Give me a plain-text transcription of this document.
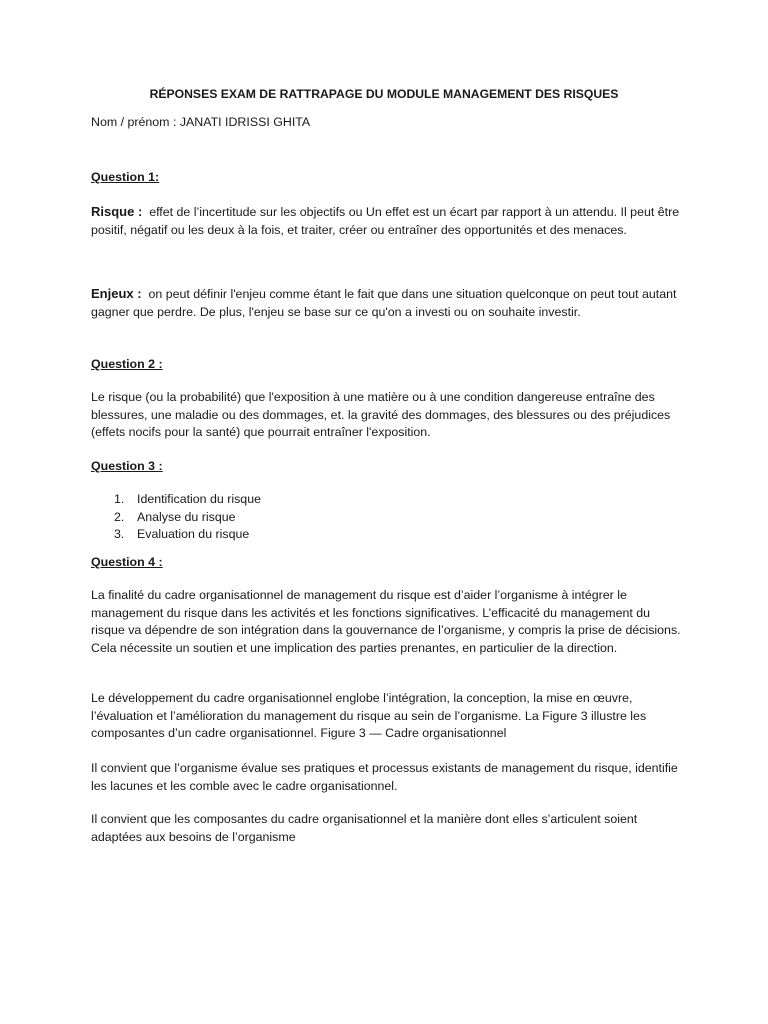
RÉPONSES EXAM DE RATTRAPAGE DU MODULE MANAGEMENT DES RISQUES

Nom / prénom : JANATI IDRISSI GHITA

Question 1:

Risque : effet de l’incertitude sur les objectifs ou Un effet est un écart par rapport à un attendu. Il peut être positif, négatif ou les deux à la fois, et traiter, créer ou entraîner des opportunités et des menaces.

Enjeux : on peut définir l'enjeu comme étant le fait que dans une situation quelconque on peut tout autant gagner que perdre. De plus, l'enjeu se base sur ce qu'on a investi ou on souhaite investir.

Question 2 :

Le risque (ou la probabilité) que l'exposition à une matière ou à une condition dangereuse entraîne des blessures, une maladie ou des dommages, et. la gravité des dommages, des blessures ou des préjudices (effets nocifs pour la santé) que pourrait entraîner l'exposition.

Question 3 :

1.	Identification du risque
2.	Analyse du risque
3.	Evaluation du risque

Question 4 :

La finalité du cadre organisationnel de management du risque est d’aider l’organisme à intégrer le management du risque dans les activités et les fonctions significatives. L’efficacité du management du risque va dépendre de son intégration dans la gouvernance de l’organisme, y compris la prise de décisions. Cela nécessite un soutien et une implication des parties prenantes, en particulier de la direction.

Le développement du cadre organisationnel englobe l’intégration, la conception, la mise en œuvre, l’évaluation et l’amélioration du management du risque au sein de l’organisme. La Figure 3 illustre les composantes d’un cadre organisationnel. Figure 3 — Cadre organisationnel

Il convient que l’organisme évalue ses pratiques et processus existants de management du risque, identifie les lacunes et les comble avec le cadre organisationnel.

Il convient que les composantes du cadre organisationnel et la manière dont elles s’articulent soient adaptées aux besoins de l’organisme
